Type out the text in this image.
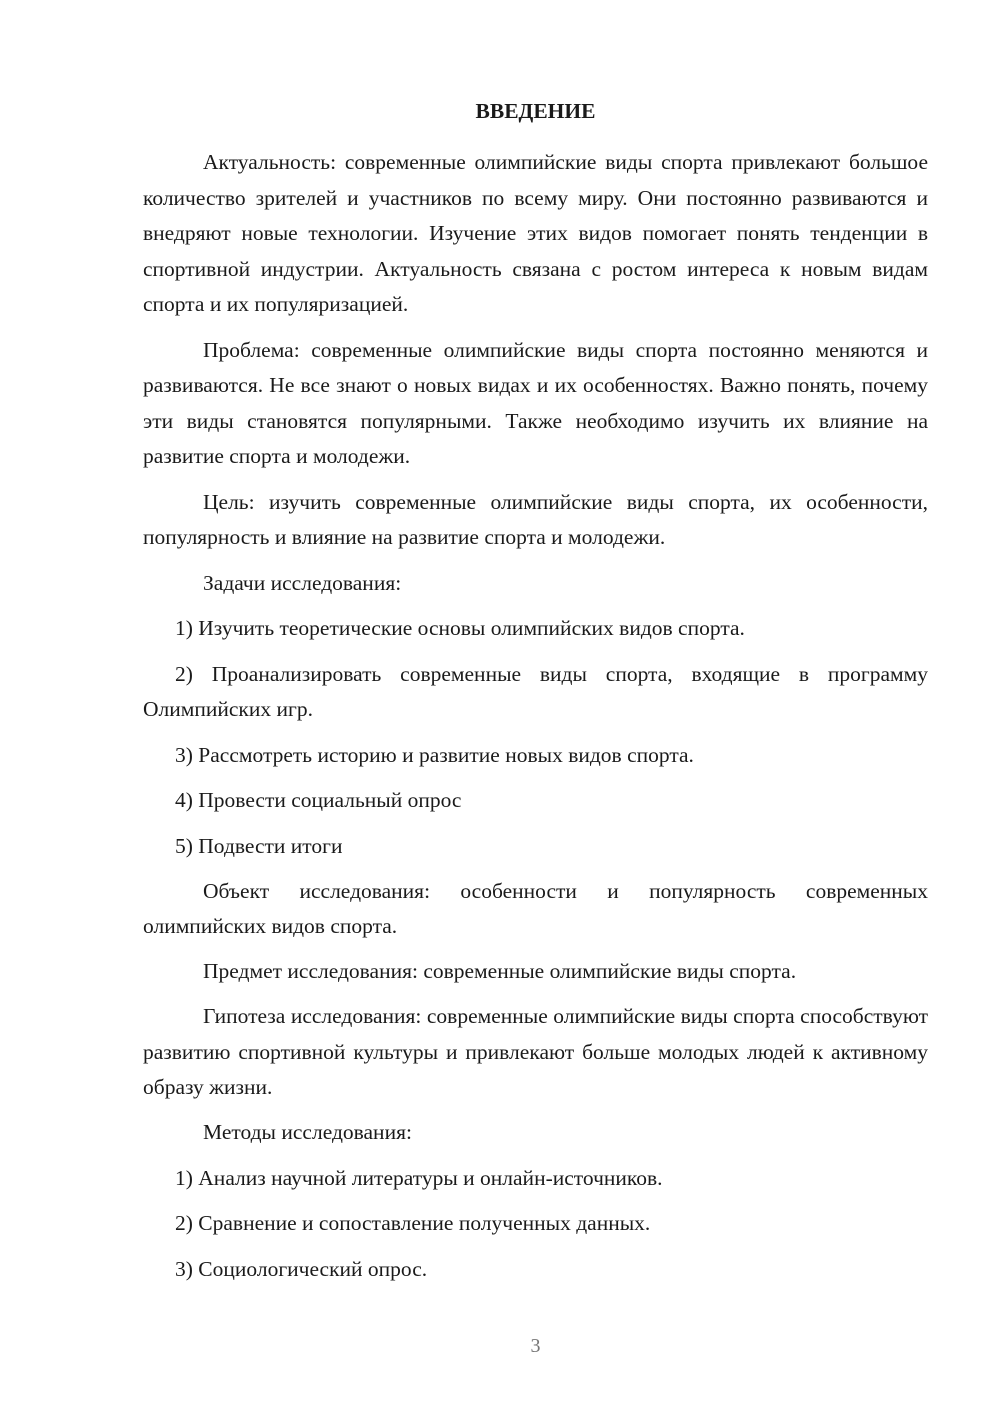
ВВЕДЕНИЕ

Актуальность: современные олимпийские виды спорта привлекают большое количество зрителей и участников по всему миру. Они постоянно развиваются и внедряют новые технологии. Изучение этих видов помогает понять тенденции в спортивной индустрии. Актуальность связана с ростом интереса к новым видам спорта и их популяризацией.

Проблема: современные олимпийские виды спорта постоянно меняются и развиваются. Не все знают о новых видах и их особенностях. Важно понять, почему эти виды становятся популярными. Также необходимо изучить их влияние на развитие спорта и молодежи.

Цель: изучить современные олимпийские виды спорта, их особенности, популярность и влияние на развитие спорта и молодежи.

Задачи исследования:

1) Изучить теоретические основы олимпийских видов спорта.

2) Проанализировать современные виды спорта, входящие в программу Олимпийских игр.

3) Рассмотреть историю и развитие новых видов спорта.

4) Провести социальный опрос

5) Подвести итоги

Объект исследования: особенности и популярность современных олимпийских видов спорта.

Предмет исследования: современные олимпийские виды спорта.

Гипотеза исследования: современные олимпийские виды спорта способствуют развитию спортивной культуры и привлекают больше молодых людей к активному образу жизни.

Методы исследования:

1) Анализ научной литературы и онлайн-источников.

2) Сравнение и сопоставление полученных данных.

3) Социологический опрос.

3
